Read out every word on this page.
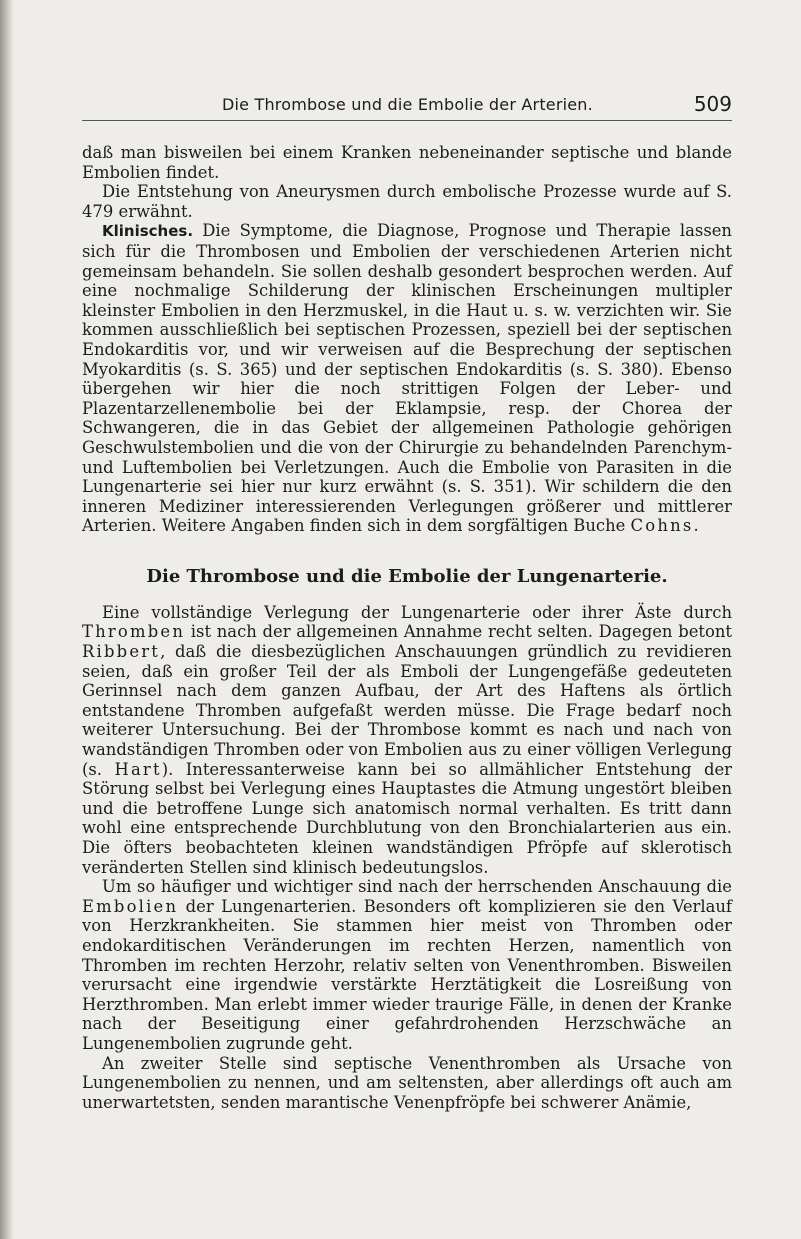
Die Thrombose und die Embolie der Arterien.	509

daß man bisweilen bei einem Kranken nebeneinander septische und blande Embolien findet.

Die Entstehung von Aneurysmen durch embolische Prozesse wurde auf S. 479 erwähnt.

Klinisches. Die Symptome, die Diagnose, Prognose und Therapie lassen sich für die Thrombosen und Embolien der verschiedenen Arterien nicht gemeinsam behandeln. Sie sollen deshalb gesondert besprochen werden. Auf eine nochmalige Schilderung der klinischen Erscheinungen multipler kleinster Embolien in den Herzmuskel, in die Haut u. s. w. verzichten wir. Sie kommen ausschließlich bei septischen Prozessen, speziell bei der septischen Endokarditis vor, und wir verweisen auf die Besprechung der septischen Myokarditis (s. S. 365) und der septischen Endokarditis (s. S. 380). Ebenso übergehen wir hier die noch strittigen Folgen der Leber- und Plazentarzellenembolie bei der Eklampsie, resp. der Chorea der Schwangeren, die in das Gebiet der allgemeinen Pathologie gehörigen Geschwulstembolien und die von der Chirurgie zu behandelnden Parenchym- und Luftembolien bei Verletzungen. Auch die Embolie von Parasiten in die Lungenarterie sei hier nur kurz erwähnt (s. S. 351). Wir schildern die den inneren Mediziner interessierenden Verlegungen größerer und mittlerer Arterien. Weitere Angaben finden sich in dem sorgfältigen Buche Cohns.

Die Thrombose und die Embolie der Lungenarterie.

Eine vollständige Verlegung der Lungenarterie oder ihrer Äste durch Thromben ist nach der allgemeinen Annahme recht selten. Dagegen betont Ribbert, daß die diesbezüglichen Anschauungen gründlich zu revidieren seien, daß ein großer Teil der als Emboli der Lungengefäße gedeuteten Gerinnsel nach dem ganzen Aufbau, der Art des Haftens als örtlich entstandene Thromben aufgefaßt werden müsse. Die Frage bedarf noch weiterer Untersuchung. Bei der Thrombose kommt es nach und nach von wandständigen Thromben oder von Embolien aus zu einer völligen Verlegung (s. Hart). Interessanterweise kann bei so allmählicher Entstehung der Störung selbst bei Verlegung eines Hauptastes die Atmung ungestört bleiben und die betroffene Lunge sich anatomisch normal verhalten. Es tritt dann wohl eine entsprechende Durchblutung von den Bronchialarterien aus ein. Die öfters beobachteten kleinen wandständigen Pfröpfe auf sklerotisch veränderten Stellen sind klinisch bedeutungslos.

Um so häufiger und wichtiger sind nach der herrschenden Anschauung die Embolien der Lungenarterien. Besonders oft komplizieren sie den Verlauf von Herzkrankheiten. Sie stammen hier meist von Thromben oder endokarditischen Veränderungen im rechten Herzen, namentlich von Thromben im rechten Herzohr, relativ selten von Venenthromben. Bisweilen verursacht eine irgendwie verstärkte Herztätigkeit die Losreißung von Herzthromben. Man erlebt immer wieder traurige Fälle, in denen der Kranke nach der Beseitigung einer gefahrdrohenden Herzschwäche an Lungenembolien zugrunde geht.

An zweiter Stelle sind septische Venenthromben als Ursache von Lungenembolien zu nennen, und am seltensten, aber allerdings oft auch am unerwartetsten, senden marantische Venenpfröpfe bei schwerer Anämie,
